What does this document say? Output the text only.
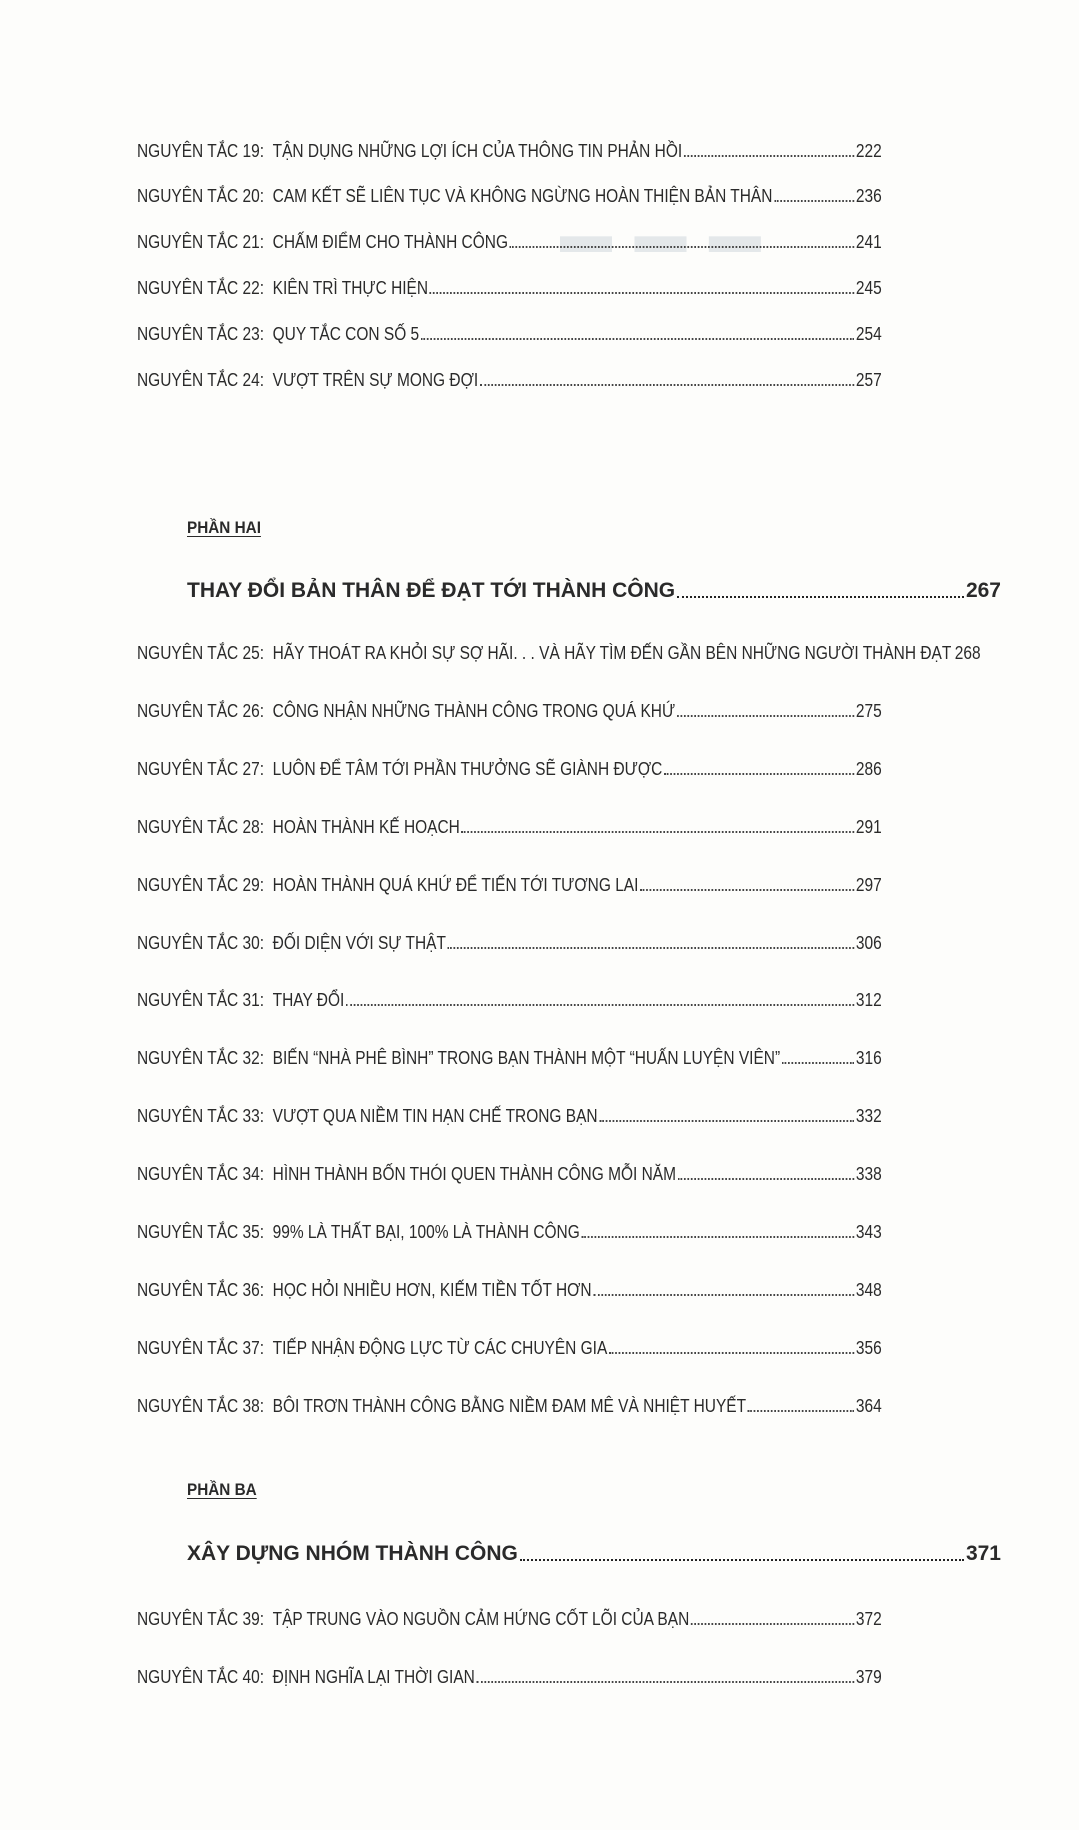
▬ ▬ ▬
NGUYÊN TẮC 19: TẬN DỤNG NHỮNG LỢI ÍCH CỦA THÔNG TIN PHẢN HỒI	222
NGUYÊN TẮC 20: CAM KẾT SẼ LIÊN TỤC VÀ KHÔNG NGỪNG HOÀN THIỆN BẢN THÂN	236
NGUYÊN TẮC 21: CHẤM ĐIỂM CHO THÀNH CÔNG	241
NGUYÊN TẮC 22: KIÊN TRÌ THỰC HIỆN	245
NGUYÊN TẮC 23: QUY TẮC CON SỐ 5	254
NGUYÊN TẮC 24: VƯỢT TRÊN SỰ MONG ĐỢI	257
PHẦN HAI
THAY ĐỔI BẢN THÂN ĐỂ ĐẠT TỚI THÀNH CÔNG	267
NGUYÊN TẮC 25: HÃY THOÁT RA KHỎI SỰ SỢ HÃI. . . VÀ HÃY TÌM ĐẾN GẦN BÊN NHỮNG NGƯỜI THÀNH ĐẠT 268
NGUYÊN TẮC 26: CÔNG NHẬN NHỮNG THÀNH CÔNG TRONG QUÁ KHỨ	275
NGUYÊN TẮC 27: LUÔN ĐỂ TÂM TỚI PHẦN THƯỞNG SẼ GIÀNH ĐƯỢC	286
NGUYÊN TẮC 28: HOÀN THÀNH KẾ HOẠCH	291
NGUYÊN TẮC 29: HOÀN THÀNH QUÁ KHỨ ĐỂ TIẾN TỚI TƯƠNG LAI	297
NGUYÊN TẮC 30: ĐỐI DIỆN VỚI SỰ THẬT	306
NGUYÊN TẮC 31: THAY ĐỔI	312
NGUYÊN TẮC 32: BIẾN “NHÀ PHÊ BÌNH” TRONG BẠN THÀNH MỘT “HUẤN LUYỆN VIÊN”	316
NGUYÊN TẮC 33: VƯỢT QUA NIỀM TIN HẠN CHẾ TRONG BẠN	332
NGUYÊN TẮC 34: HÌNH THÀNH BỐN THÓI QUEN THÀNH CÔNG MỖI NĂM	338
NGUYÊN TẮC 35: 99% LÀ THẤT BẠI, 100% LÀ THÀNH CÔNG	343
NGUYÊN TẮC 36: HỌC HỎI NHIỀU HƠN, KIẾM TIỀN TỐT HƠN	348
NGUYÊN TẮC 37: TIẾP NHẬN ĐỘNG LỰC TỪ CÁC CHUYÊN GIA	356
NGUYÊN TẮC 38: BÔI TRƠN THÀNH CÔNG BẰNG NIỀM ĐAM MÊ VÀ NHIỆT HUYẾT	364
PHẦN BA
XÂY DỰNG NHÓM THÀNH CÔNG	371
NGUYÊN TẮC 39: TẬP TRUNG VÀO NGUỒN CẢM HỨNG CỐT LÕI CỦA BẠN	372
NGUYÊN TẮC 40: ĐỊNH NGHĨA LẠI THỜI GIAN	379
